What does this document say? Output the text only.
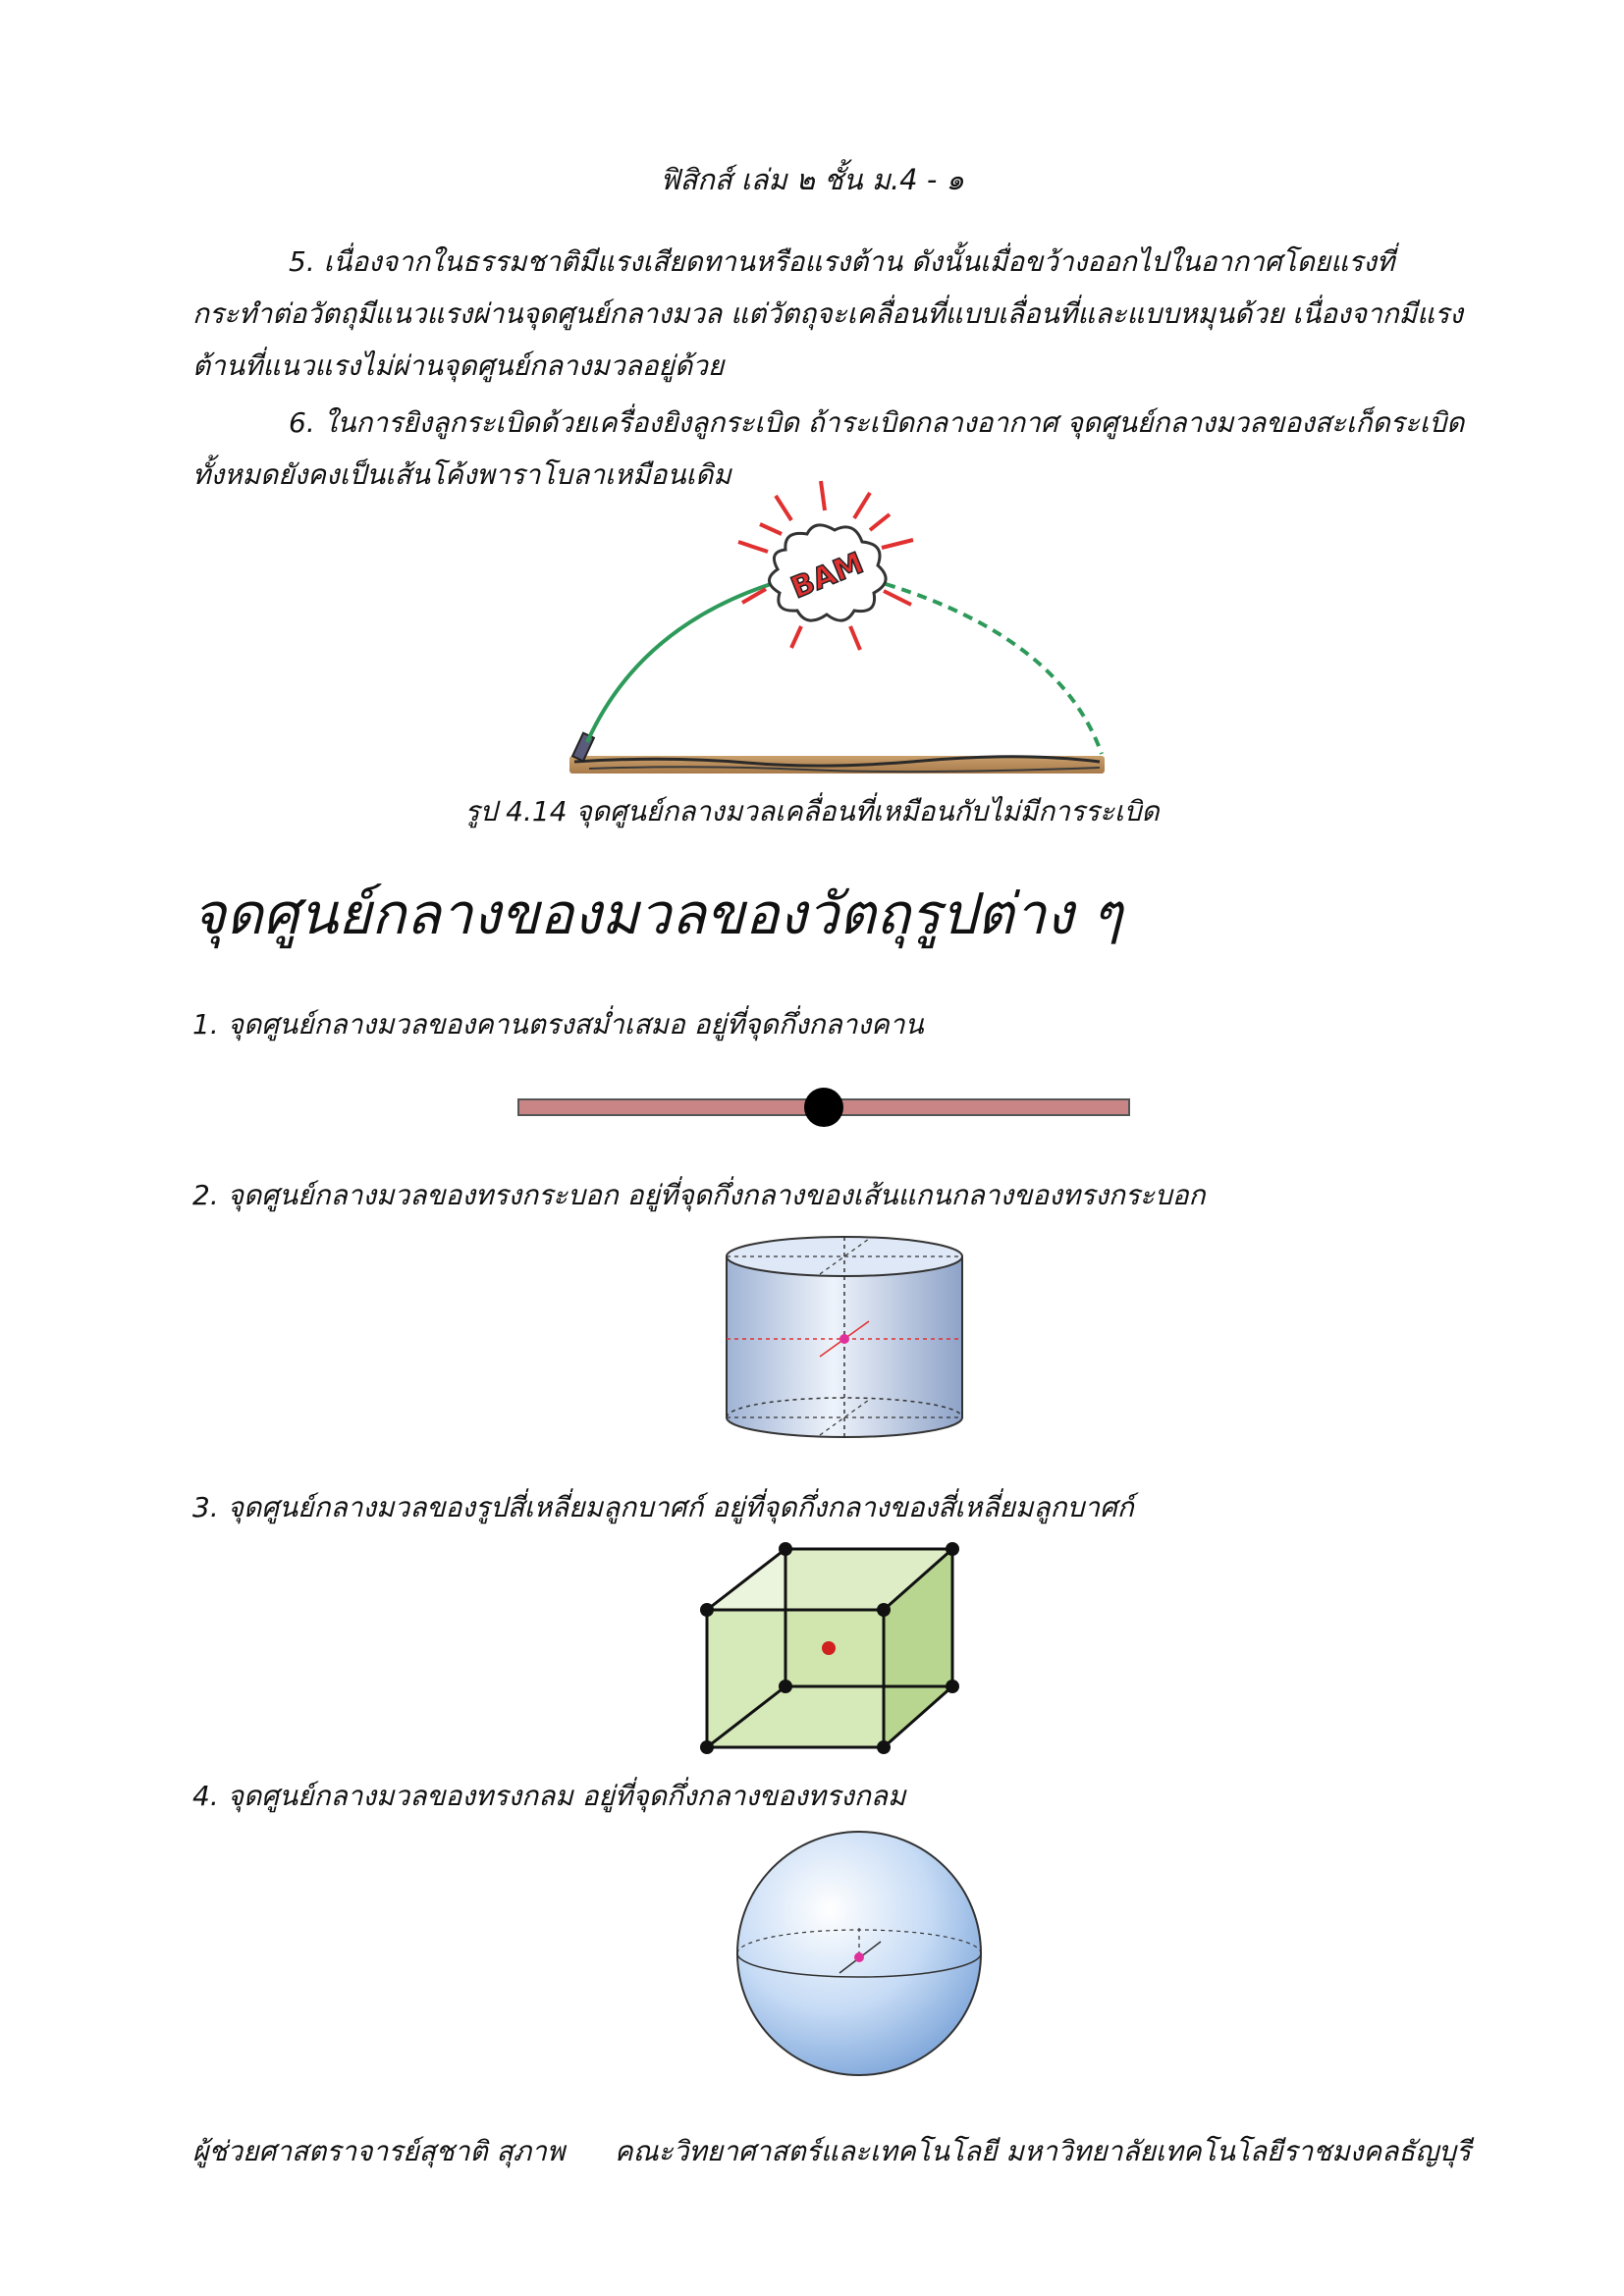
ฟิสิกส์ เล่ม ๒ ชั้น ม.4 - ๑
5. เนื่องจากในธรรมชาติมีแรงเสียดทานหรือแรงต้าน ดังนั้นเมื่อขว้างออกไปในอากาศโดยแรงที่กระทำต่อวัตถุมีแนวแรงผ่านจุดศูนย์กลางมวล แต่วัตถุจะเคลื่อนที่แบบเลื่อนที่และแบบหมุนด้วย เนื่องจากมีแรงต้านที่แนวแรงไม่ผ่านจุดศูนย์กลางมวลอยู่ด้วย
6. ในการยิงลูกระเบิดด้วยเครื่องยิงลูกระเบิด ถ้าระเบิดกลางอากาศ จุดศูนย์กลางมวลของสะเก็ดระเบิดทั้งหมดยังคงเป็นเส้นโค้งพาราโบลาเหมือนเดิม
BAM
รูป 4.14 จุดศูนย์กลางมวลเคลื่อนที่เหมือนกับไม่มีการระเบิด
จุดศูนย์กลางของมวลของวัตถุรูปต่าง ๆ
1. จุดศูนย์กลางมวลของคานตรงสม่ำเสมอ อยู่ที่จุดกึ่งกลางคาน
2. จุดศูนย์กลางมวลของทรงกระบอก อยู่ที่จุดกึ่งกลางของเส้นแกนกลางของทรงกระบอก
3. จุดศูนย์กลางมวลของรูปสี่เหลี่ยมลูกบาศก์ อยู่ที่จุดกึ่งกลางของสี่เหลี่ยมลูกบาศก์
4. จุดศูนย์กลางมวลของทรงกลม อยู่ที่จุดกึ่งกลางของทรงกลม
ผู้ช่วยศาสตราจารย์สุชาติ สุภาพ คณะวิทยาศาสตร์และเทคโนโลยี มหาวิทยาลัยเทคโนโลยีราชมงคลธัญบุรี
